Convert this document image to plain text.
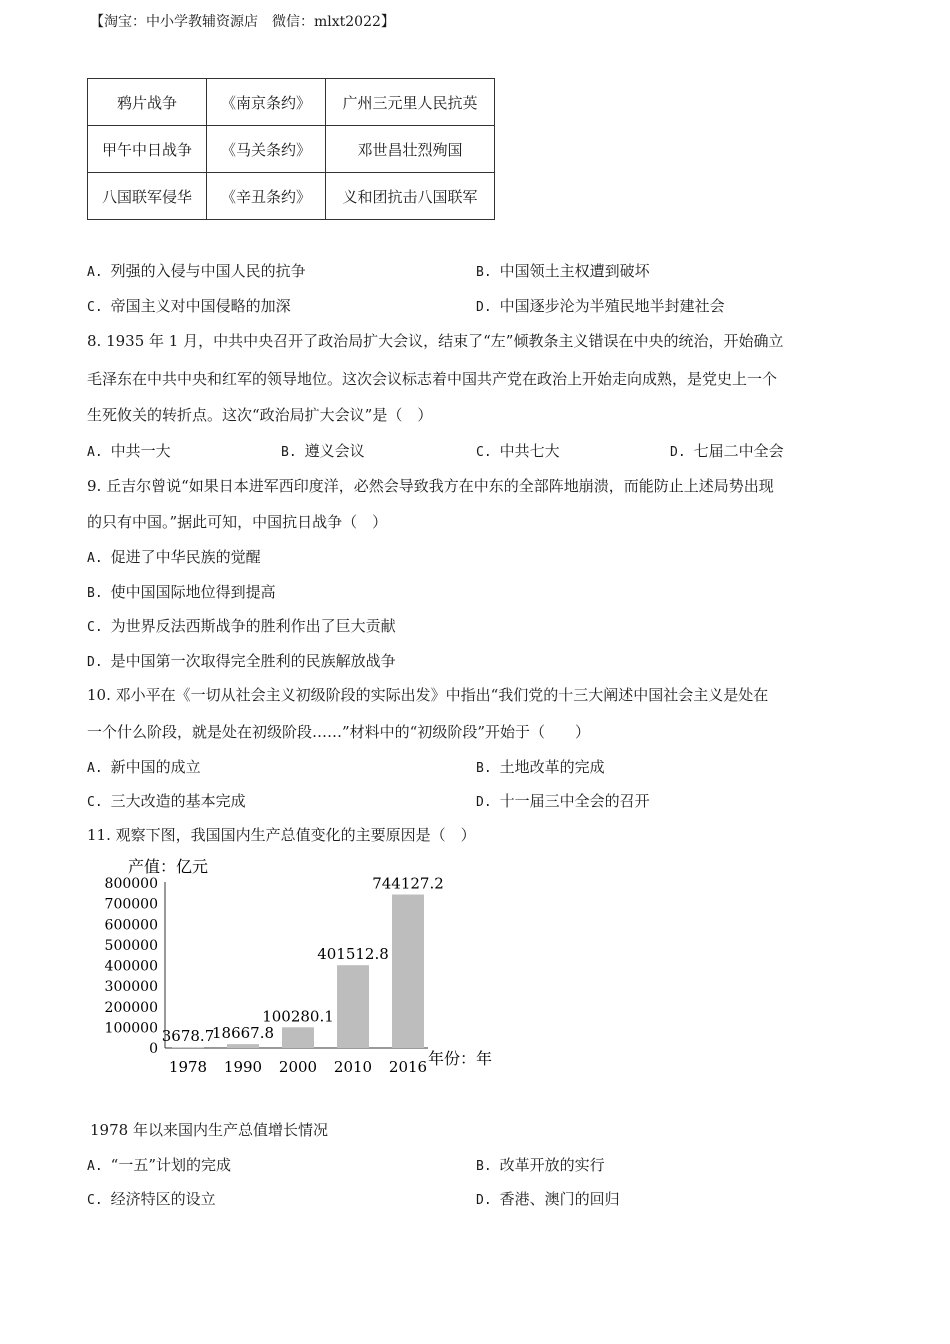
【淘宝：中小学教辅资源店　微信：mlxt2022】
鸦片战争	《南京条约》	广州三元里人民抗英
甲午中日战争	《马关条约》	邓世昌壮烈殉国
八国联军侵华	《辛丑条约》	义和团抗击八国联军
A. 列强的入侵与中国人民的抗争	B. 中国领土主权遭到破坏
C. 帝国主义对中国侵略的加深	D. 中国逐步沦为半殖民地半封建社会
8. 1935 年 1 月，中共中央召开了政治局扩大会议，结束了“左”倾教条主义错误在中央的统治，开始确立
毛泽东在中共中央和红军的领导地位。这次会议标志着中国共产党在政治上开始走向成熟，是党史上一个
生死攸关的转折点。这次“政治局扩大会议”是（　）
A. 中共一大	B. 遵义会议	C. 中共七大	D. 七届二中全会
9. 丘吉尔曾说“如果日本进军西印度洋，必然会导致我方在中东的全部阵地崩溃，而能防止上述局势出现
的只有中国。”据此可知，中国抗日战争（　）
A. 促进了中华民族的觉醒
B. 使中国国际地位得到提高
C. 为世界反法西斯战争的胜利作出了巨大贡献
D. 是中国第一次取得完全胜利的民族解放战争
10. 邓小平在《一切从社会主义初级阶段的实际出发》中指出“我们党的十三大阐述中国社会主义是处在
一个什么阶段，就是处在初级阶段……”材料中的“初级阶段”开始于（　　）
A. 新中国的成立	B. 土地改革的完成
C. 三大改造的基本完成	D. 十一届三中全会的召开
11. 观察下图，我国国内生产总值变化的主要原因是（　）
产值：亿元
800000
700000
600000
500000
400000
300000
200000
100000
0
3678.7
18667.8
100280.1
401512.8
744127.2
1978 1990 2000 2010 2016 年份：年
1978 年以来国内生产总值增长情况
A. “一五”计划的完成	B. 改革开放的实行
C. 经济特区的设立	D. 香港、澳门的回归
